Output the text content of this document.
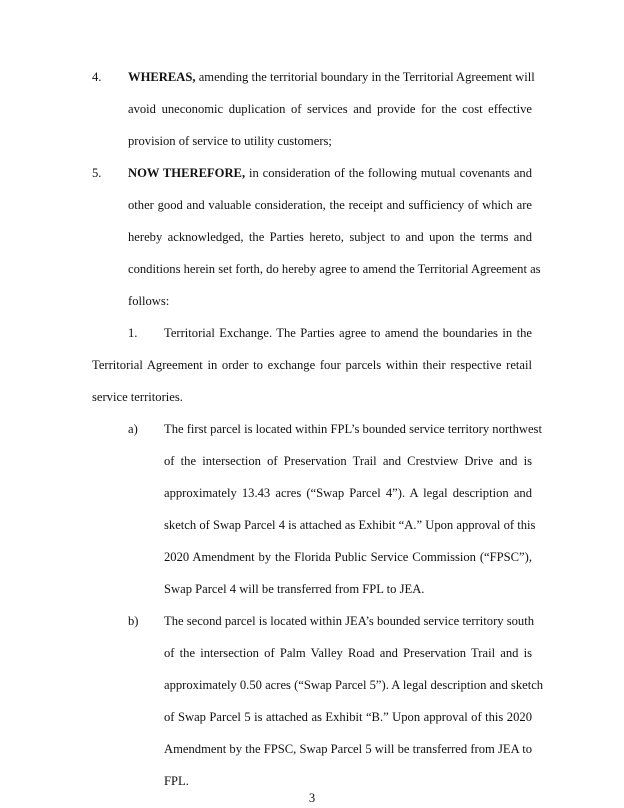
4. WHEREAS, amending the territorial boundary in the Territorial Agreement will
avoid uneconomic duplication of services and provide for the cost effective
provision of service to utility customers;
5. NOW THEREFORE, in consideration of the following mutual covenants and
other good and valuable consideration, the receipt and sufficiency of which are
hereby acknowledged, the Parties hereto, subject to and upon the terms and
conditions herein set forth, do hereby agree to amend the Territorial Agreement as
follows:
1. Territorial Exchange. The Parties agree to amend the boundaries in the
Territorial Agreement in order to exchange four parcels within their respective retail
service territories.
a) The first parcel is located within FPL’s bounded service territory northwest
of the intersection of Preservation Trail and Crestview Drive and is
approximately 13.43 acres (“Swap Parcel 4”). A legal description and
sketch of Swap Parcel 4 is attached as Exhibit “A.” Upon approval of this
2020 Amendment by the Florida Public Service Commission (“FPSC”),
Swap Parcel 4 will be transferred from FPL to JEA.
b) The second parcel is located within JEA’s bounded service territory south
of the intersection of Palm Valley Road and Preservation Trail and is
approximately 0.50 acres (“Swap Parcel 5”). A legal description and sketch
of Swap Parcel 5 is attached as Exhibit “B.” Upon approval of this 2020
Amendment by the FPSC, Swap Parcel 5 will be transferred from JEA to
FPL.
3
